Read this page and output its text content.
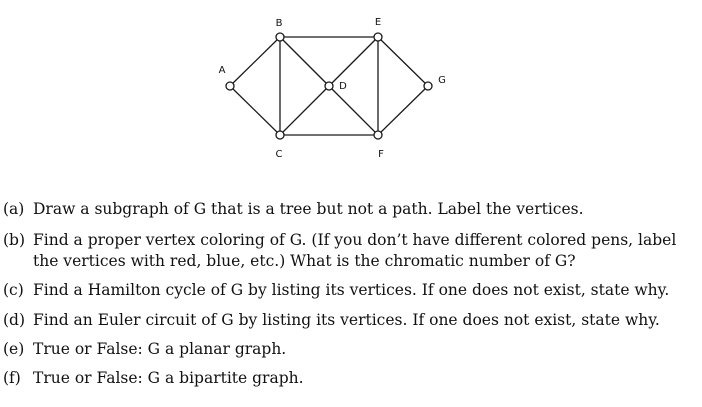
A
B
C
D
E
F
G
(a) Draw a subgraph of G that is a tree but not a path. Label the vertices.
(b) Find a proper vertex coloring of G. (If you don’t have different colored pens, label the vertices with red, blue, etc.) What is the chromatic number of G?
(c) Find a Hamilton cycle of G by listing its vertices. If one does not exist, state why.
(d) Find an Euler circuit of G by listing its vertices. If one does not exist, state why.
(e) True or False: G a planar graph.
(f) True or False: G a bipartite graph.
